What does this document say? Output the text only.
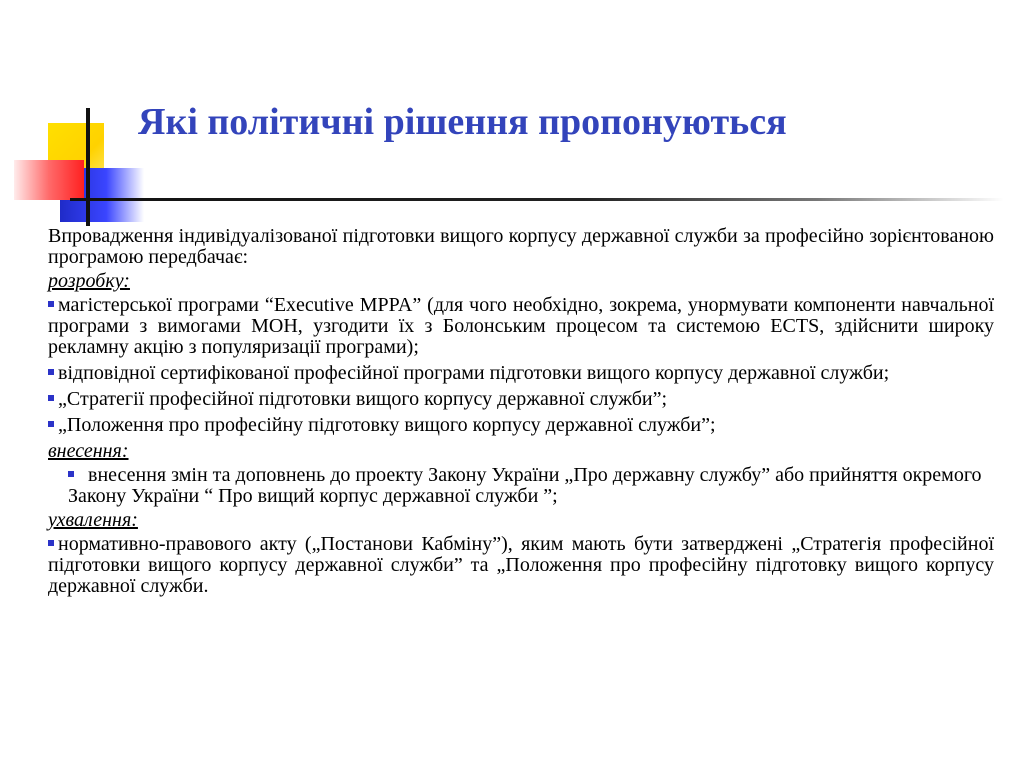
Які політичні рішення пропонуються

Впровадження індивідуалізованої підготовки вищого корпусу державної служби за професійно зорієнтованою програмою передбачає:

розробку:
магістерської програми “Executive MPPA” (для чого необхідно, зокрема, унормувати компоненти навчальної програми з вимогами МОН, узгодити їх з Болонським процесом та системою ECTS, здійснити широку рекламну акцію з популяризації програми);
відповідної сертифікованої професійної програми підготовки вищого корпусу державної служби;
„Стратегії професійної підготовки вищого корпусу державної служби”;
„Положення про професійну підготовку вищого корпусу державної служби”;
внесення:
внесення змін та доповнень до проекту Закону України „Про державну службу” або прийняття окремого Закону України “ Про вищий корпус державної служби ”;
ухвалення:
нормативно-правового акту („Постанови Кабміну”), яким мають бути затверджені „Стратегія професійної підготовки вищого корпусу державної служби” та „Положення про професійну підготовку вищого корпусу державної служби.
